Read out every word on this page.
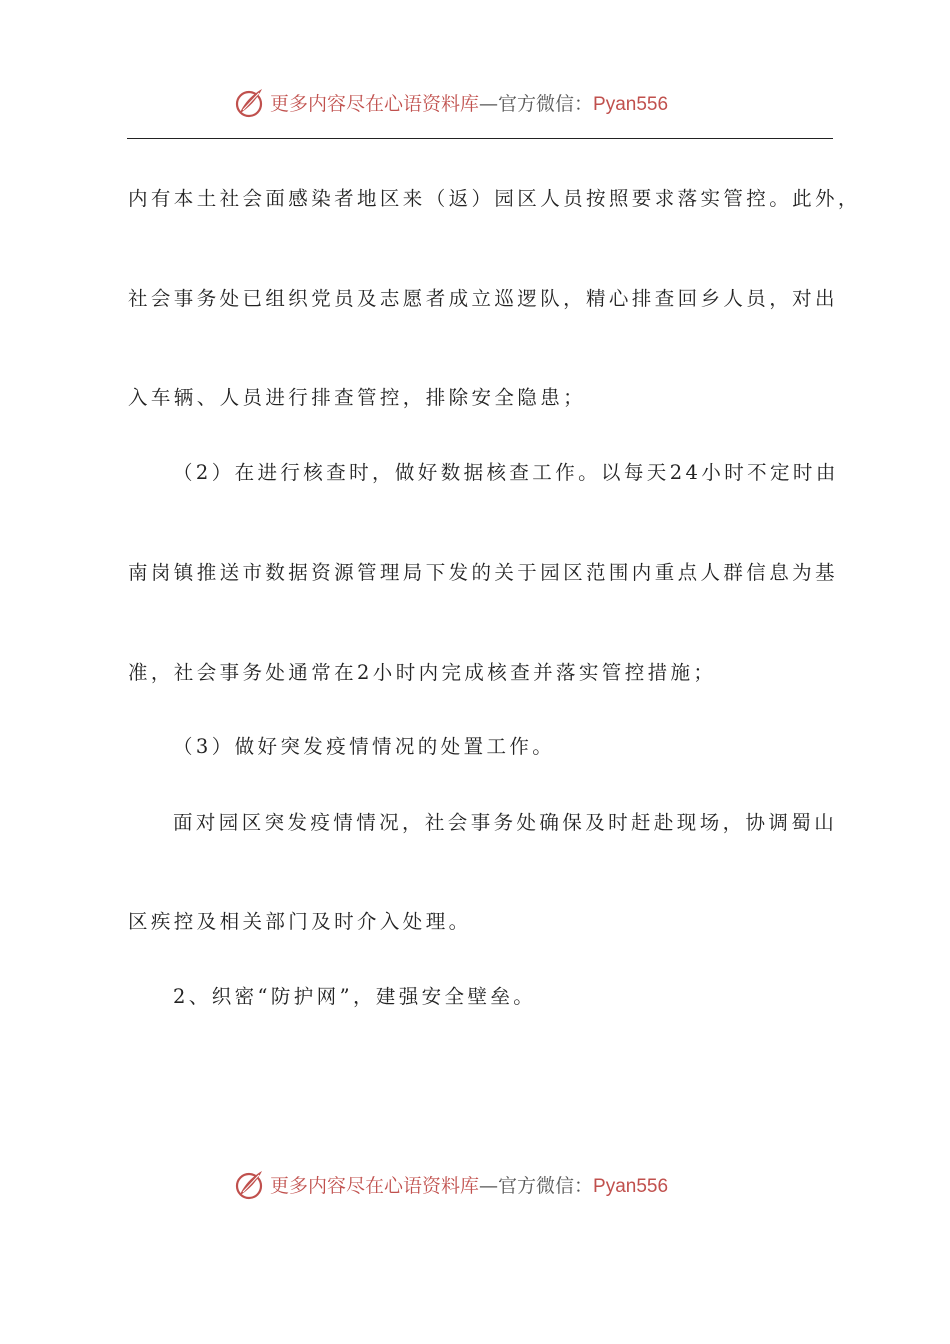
更多内容尽在心语资料库—官方微信：Pyan556
内有本土社会面感染者地区来（返）园区人员按照要求落实管控。此外，
社会事务处已组织党员及志愿者成立巡逻队，精心排查回乡人员，对出
入车辆、人员进行排查管控，排除安全隐患；
（2）在进行核查时，做好数据核查工作。以每天24小时不定时由
南岗镇推送市数据资源管理局下发的关于园区范围内重点人群信息为基
准，社会事务处通常在2小时内完成核查并落实管控措施；
（3）做好突发疫情情况的处置工作。
面对园区突发疫情情况，社会事务处确保及时赶赴现场，协调蜀山
区疾控及相关部门及时介入处理。
2、织密“防护网”，建强安全壁垒。
更多内容尽在心语资料库—官方微信：Pyan556
